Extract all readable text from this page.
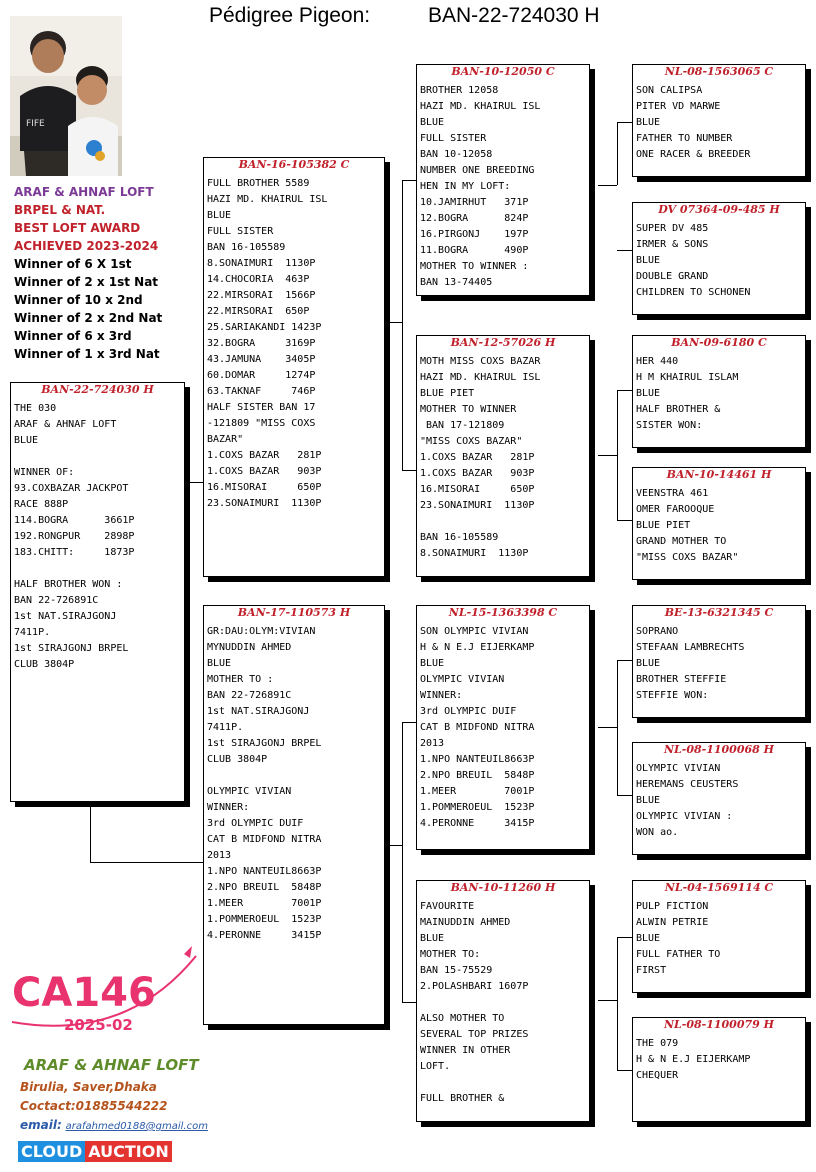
Pédigree Pigeon:	BAN-22-724030 H
FIFE
ARAF & AHNAF LOFT
BRPEL & NAT.
BEST LOFT AWARD
ACHIEVED 2023-2024
Winner of 6 X 1st
Winner of 2 x 1st Nat
Winner of 10 x 2nd
Winner of 2 x 2nd Nat
Winner of 6 x 3rd
Winner of 1 x 3rd Nat
BAN-22-724030 H
THE 030
ARAF & AHNAF LOFT
BLUE
WINNER OF:
93.COXBAZAR JACKPOT
RACE 888P
114.BOGRA      3661P
192.RONGPUR    2898P
183.CHITT:     1873P
HALF BROTHER WON :
BAN 22-726891C
1st NAT.SIRAJGONJ
7411P.
1st SIRAJGONJ BRPEL
CLUB 3804P
BAN-16-105382 C
FULL BROTHER 5589
HAZI MD. KHAIRUL ISL
BLUE
FULL SISTER
BAN 16-105589
8.SONAIMURI  1130P
14.CHOCORIA  463P
22.MIRSORAI  1566P
22.MIRSORAI  650P
25.SARIAKANDI 1423P
32.BOGRA     3169P
43.JAMUNA    3405P
60.DOMAR     1274P
63.TAKNAF     746P
HALF SISTER BAN 17
-121809 "MISS COXS
BAZAR"
1.COXS BAZAR   281P
1.COXS BAZAR   903P
16.MISORAI     650P
23.SONAIMURI  1130P
BAN-17-110573 H
GR:DAU:OLYM:VIVIAN
MYNUDDIN AHMED
BLUE
MOTHER TO :
BAN 22-726891C
1st NAT.SIRAJGONJ
7411P.
1st SIRAJGONJ BRPEL
CLUB 3804P
OLYMPIC VIVIAN
WINNER:
3rd OLYMPIC DUIF
CAT B MIDFOND NITRA
2013
1.NPO NANTEUIL8663P
2.NPO BREUIL  5848P
1.MEER        7001P
1.POMMEROEUL  1523P
4.PERONNE     3415P
BAN-10-12050 C
BROTHER 12058
HAZI MD. KHAIRUL ISL
BLUE
FULL SISTER
BAN 10-12058
NUMBER ONE BREEDING
HEN IN MY LOFT:
10.JAMIRHUT   371P
12.BOGRA      824P
16.PIRGONJ    197P
11.BOGRA      490P
MOTHER TO WINNER :
BAN 13-74405
BAN-12-57026 H
MOTH MISS COXS BAZAR
HAZI MD. KHAIRUL ISL
BLUE PIET
MOTHER TO WINNER
BAN 17-121809
"MISS COXS BAZAR"
1.COXS BAZAR   281P
1.COXS BAZAR   903P
16.MISORAI     650P
23.SONAIMURI  1130P
BAN 16-105589
8.SONAIMURI  1130P
NL-15-1363398 C
SON OLYMPIC VIVIAN
H & N E.J EIJERKAMP
BLUE
OLYMPIC VIVIAN
WINNER:
3rd OLYMPIC DUIF
CAT B MIDFOND NITRA
2013
1.NPO NANTEUIL8663P
2.NPO BREUIL  5848P
1.MEER        7001P
1.POMMEROEUL  1523P
4.PERONNE     3415P
BAN-10-11260 H
FAVOURITE
MAINUDDIN AHMED
BLUE
MOTHER TO:
BAN 15-75529
2.POLASHBARI 1607P
ALSO MOTHER TO
SEVERAL TOP PRIZES
WINNER IN OTHER
LOFT.
FULL BROTHER &
NL-08-1563065 C
SON CALIPSA
PITER VD MARWE
BLUE
FATHER TO NUMBER
ONE RACER & BREEDER
DV 07364-09-485 H
SUPER DV 485
IRMER & SONS
BLUE
DOUBLE GRAND
CHILDREN TO SCHONEN
BAN-09-6180 C
HER 440
H M KHAIRUL ISLAM
BLUE
HALF BROTHER &
SISTER WON:
BAN-10-14461 H
VEENSTRA 461
OMER FAROOQUE
BLUE PIET
GRAND MOTHER TO
"MISS COXS BAZAR"
BE-13-6321345 C
SOPRANO
STEFAAN LAMBRECHTS
BLUE
BROTHER STEFFIE
STEFFIE WON:
NL-08-1100068 H
OLYMPIC VIVIAN
HEREMANS CEUSTERS
BLUE
OLYMPIC VIVIAN :
WON ao.
NL-04-1569114 C
PULP FICTION
ALWIN PETRIE
BLUE
FULL FATHER TO
FIRST
NL-08-1100079 H
THE 079
H & N E.J EIJERKAMP
CHEQUER
CA146
2025-02
ARAF & AHNAF LOFT
Birulia, Saver,Dhaka
Coctact:01885544222
email: arafahmed0188@gmail.com
CLOUD AUCTION
